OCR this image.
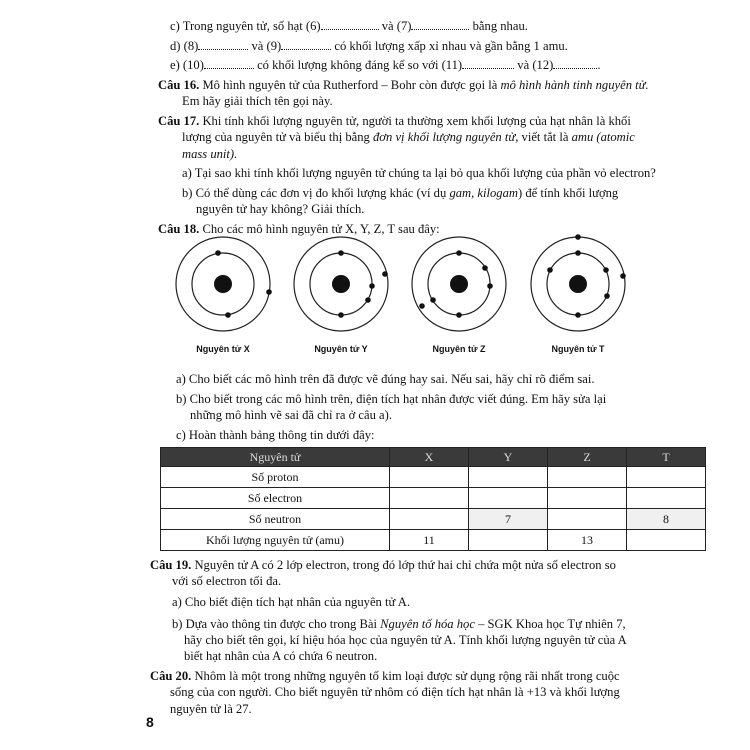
c) Trong nguyên tử, số hạt (6)	và (7)	bằng nhau.
d) (8)	và (9)	có khối lượng xấp xỉ nhau và gần bằng 1 amu.
e) (10)	có khối lượng không đáng kể so với (11)	và (12)	.
Câu 16. Mô hình nguyên tử của Rutherford – Bohr còn được gọi là mô hình hành tinh nguyên tử.
Em hãy giải thích tên gọi này.
Câu 17. Khi tính khối lượng nguyên tử, người ta thường xem khối lượng của hạt nhân là khối
lượng của nguyên tử và biểu thị bằng đơn vị khối lượng nguyên tử, viết tắt là amu (atomic
mass unit).
a) Tại sao khi tính khối lượng nguyên tử chúng ta lại bỏ qua khối lượng của phần vỏ electron?
b) Có thể dùng các đơn vị đo khối lượng khác (ví dụ gam, kilogam) để tính khối lượng
nguyên tử hay không? Giải thích.
Câu 18. Cho các mô hình nguyên tử X, Y, Z, T sau đây:
Nguyên tử X	Nguyên tử Y	Nguyên tử Z	Nguyên tử T
a) Cho biết các mô hình trên đã được vẽ đúng hay sai. Nếu sai, hãy chỉ rõ điểm sai.
b) Cho biết trong các mô hình trên, điện tích hạt nhân được viết đúng. Em hãy sửa lại
những mô hình vẽ sai đã chỉ ra ở câu a).
c) Hoàn thành bảng thông tin dưới đây:
Nguyên tử	X	Y	Z	T
Số proton				
Số electron				
Số neutron		7		8
Khối lượng nguyên tử (amu)	11		13	
Câu 19. Nguyên tử A có 2 lớp electron, trong đó lớp thứ hai chỉ chứa một nửa số electron so
với số electron tối đa.
a) Cho biết điện tích hạt nhân của nguyên tử A.
b) Dựa vào thông tin được cho trong Bài Nguyên tố hóa học – SGK Khoa học Tự nhiên 7,
hãy cho biết tên gọi, kí hiệu hóa học của nguyên tử A. Tính khối lượng nguyên tử của A
biết hạt nhân của A có chứa 6 neutron.
Câu 20. Nhôm là một trong những nguyên tố kim loại được sử dụng rộng rãi nhất trong cuộc
sống của con người. Cho biết nguyên tử nhôm có điện tích hạt nhân là +13 và khối lượng
nguyên tử là 27.
8
